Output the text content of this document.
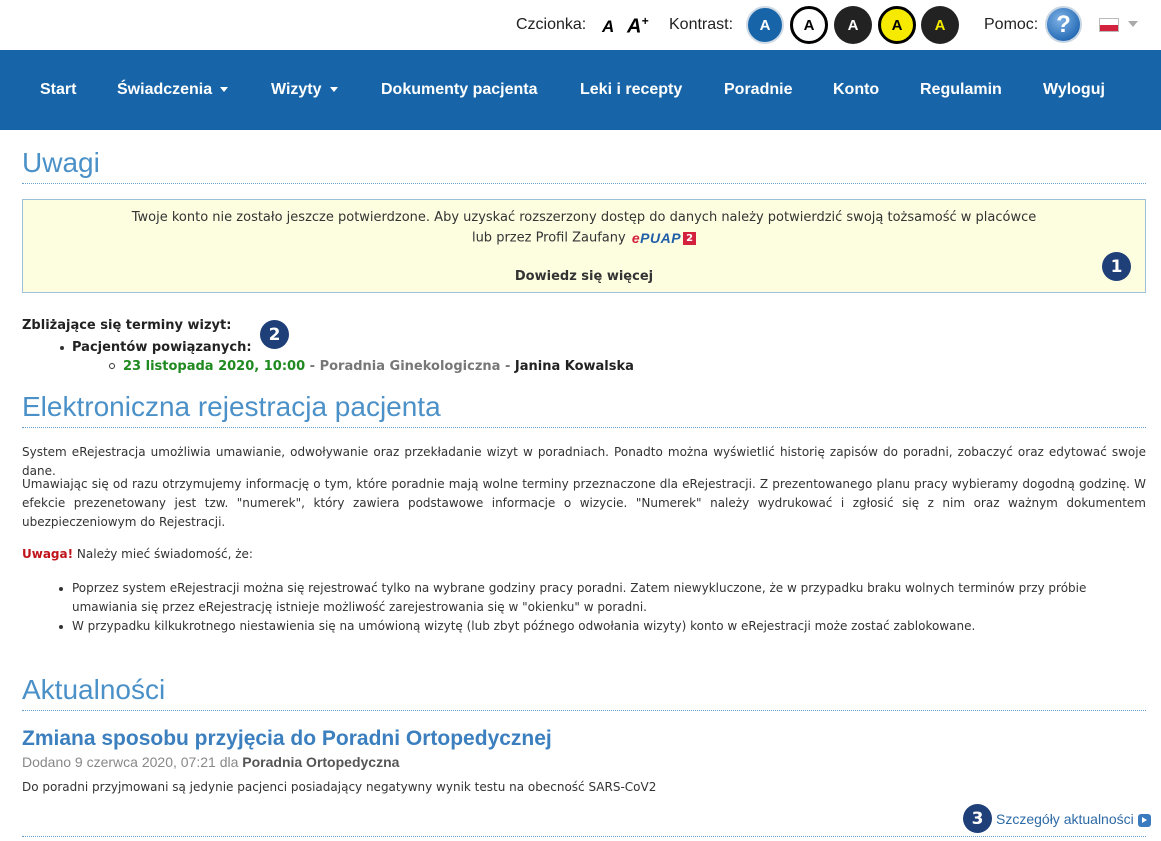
Czcionka: A A+ Kontrast:	A	A	A	A	A	Pomoc: ?
Start	Świadczenia	Wizyty	Dokumenty pacjenta	Leki i recepty	Poradnie	Konto	Regulamin	Wyloguj
Uwagi
Twoje konto nie zostało jeszcze potwierdzone. Aby uzyskać rozszerzony dostęp do danych należy potwierdzić swoją tożsamość w placówce
lub przez Profil Zaufany ePUAP 2
Dowiedz się więcej	1
Zbliżające się terminy wizyt:
Pacjentów powiązanych:
23 listopada 2020, 10:00 - Poradnia Ginekologiczna - Janina Kowalska
2
Elektroniczna rejestracja pacjenta

System eRejestracja umożliwia umawianie, odwoływanie oraz przekładanie wizyt w poradniach. Ponadto można wyświetlić historię zapisów do poradni, zobaczyć oraz edytować swoje dane.

Umawiając się od razu otrzymujemy informację o tym, które poradnie mają wolne terminy przeznaczone dla eRejestracji. Z prezentowanego planu pracy wybieramy dogodną godzinę. W efekcie prezenetowany jest tzw. "numerek", który zawiera podstawowe informacje o wizycie. "Numerek" należy wydrukować i zgłosić się z nim oraz ważnym dokumentem ubezpieczeniowym do Rejestracji.

Uwaga! Należy mieć świadomość, że:

Poprzez system eRejestracji można się rejestrować tylko na wybrane godziny pracy poradni. Zatem niewykluczone, że w przypadku braku wolnych terminów przy próbie umawiania się przez eRejestrację istnieje możliwość zarejestrowania się w "okienku" w poradni.
W przypadku kilkukrotnego niestawienia się na umówioną wizytę (lub zbyt późnego odwołania wizyty) konto w eRejestracji może zostać zablokowane.
Aktualności
Zmiana sposobu przyjęcia do Poradni Ortopedycznej
Dodano 9 czerwca 2020, 07:21 dla Poradnia Ortopedyczna
Do poradni przyjmowani są jedynie pacjenci posiadający negatywny wynik testu na obecność SARS-CoV2
3 Szczegóły aktualności
